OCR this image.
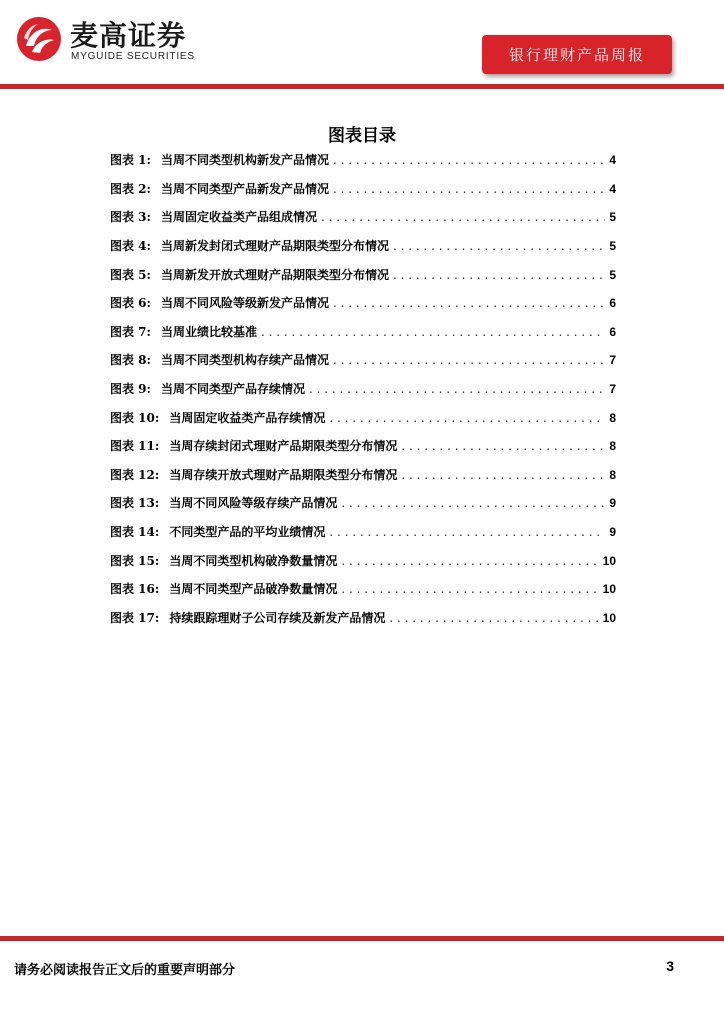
麦高证券
MYGUIDE SECURITIES	银行理财产品周报
图表目录
图表 1: 当周不同类型机构新发产品情况 . . .	4
图表 2: 当周不同类型产品新发产品情况 . . .	4
图表 3: 当周固定收益类产品组成情况 . . .	5
图表 4: 当周新发封闭式理财产品期限类型分布情况 . . .	5
图表 5: 当周新发开放式理财产品期限类型分布情况 . . .	5
图表 6: 当周不同风险等级新发产品情况 . . .	6
图表 7: 当周业绩比较基准 . . .	6
图表 8: 当周不同类型机构存续产品情况 . . .	7
图表 9: 当周不同类型产品存续情况 . . .	7
图表 10: 当周固定收益类产品存续情况 . . .	8
图表 11: 当周存续封闭式理财产品期限类型分布情况 . . .	8
图表 12: 当周存续开放式理财产品期限类型分布情况 . . .	8
图表 13: 当周不同风险等级存续产品情况 . . .	9
图表 14: 不同类型产品的平均业绩情况 . . .	9
图表 15: 当周不同类型机构破净数量情况 . . .	10
图表 16: 当周不同类型产品破净数量情况 . . .	10
图表 17: 持续跟踪理财子公司存续及新发产品情况 . . .	10
请务必阅读报告正文后的重要声明部分	3
